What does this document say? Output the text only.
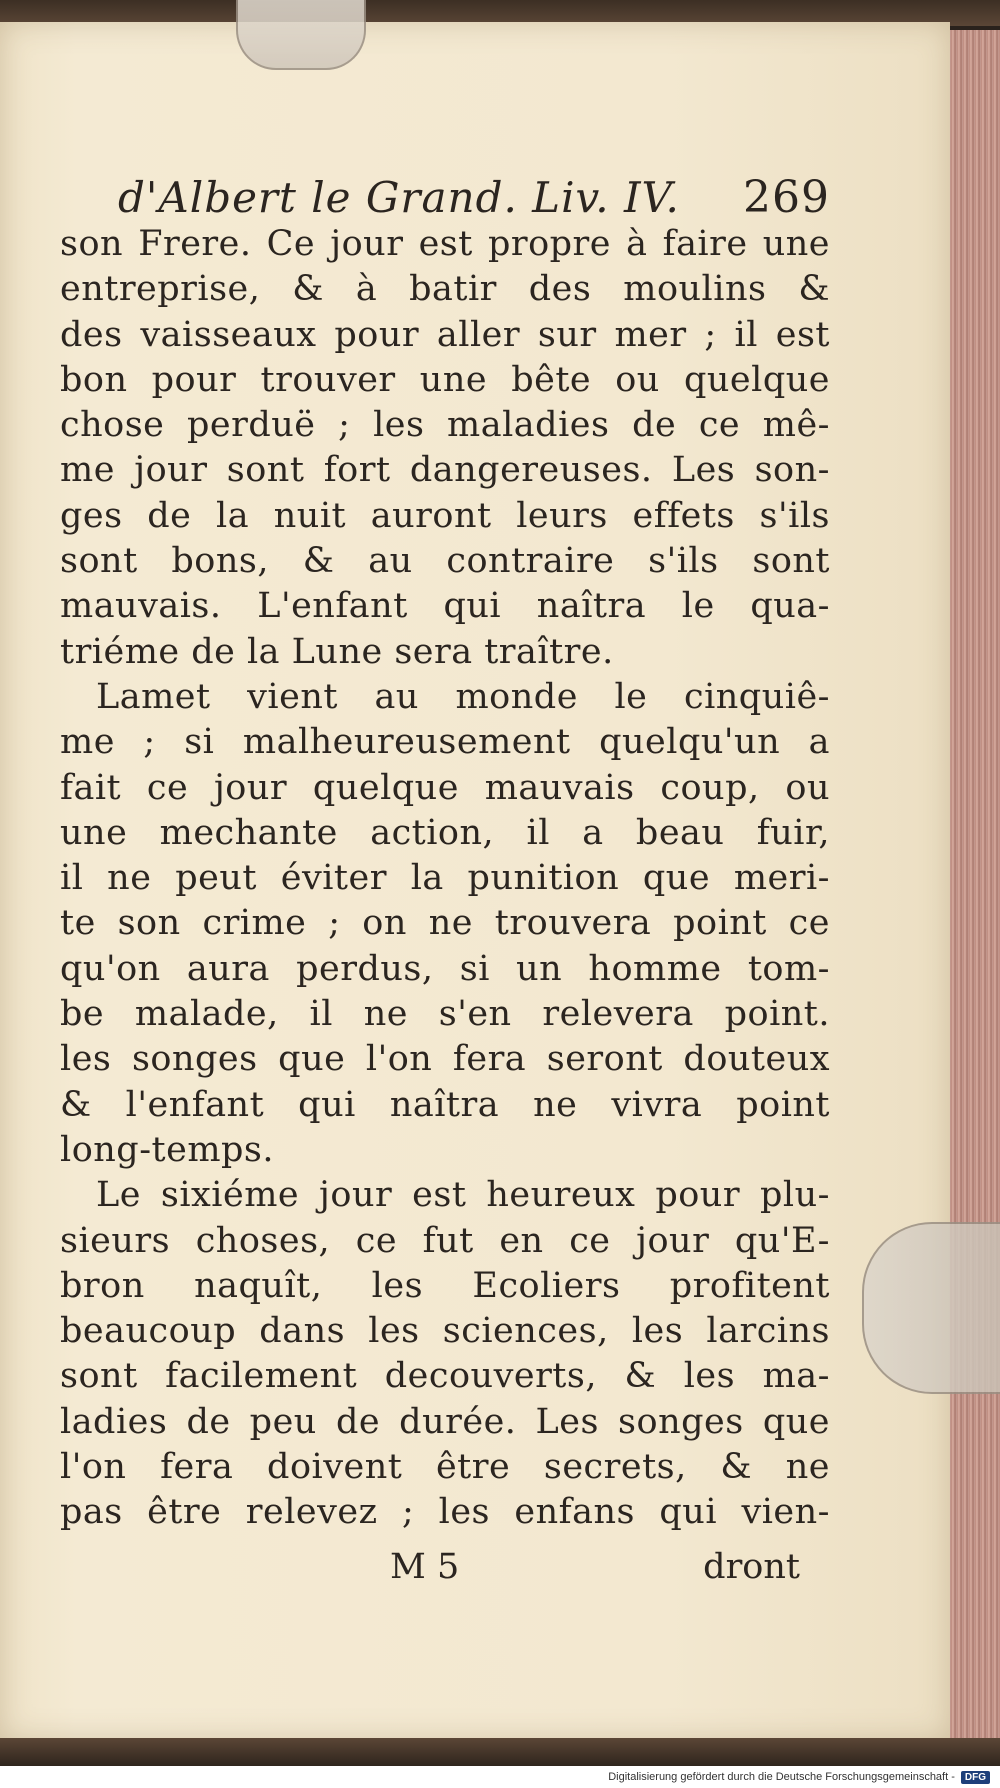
d'Albert le Grand. Liv. IV. 269
son Frere. Ce jour est propre à faire une
entreprise, & à batir des moulins &
des vaisseaux pour aller sur mer ; il est
bon pour trouver une bête ou quelque
chose perduë ; les maladies de ce mê-
me jour sont fort dangereuses. Les son-
ges de la nuit auront leurs effets s'ils
sont bons, & au contraire s'ils sont
mauvais. L'enfant qui naîtra le qua-
triéme de la Lune sera traître.
Lamet vient au monde le cinquiê-
me ; si malheureusement quelqu'un a
fait ce jour quelque mauvais coup, ou
une mechante action, il a beau fuir,
il ne peut éviter la punition que meri-
te son crime ; on ne trouvera point ce
qu'on aura perdus, si un homme tom-
be malade, il ne s'en relevera point.
les songes que l'on fera seront douteux
& l'enfant qui naîtra ne vivra point
long-temps.
Le sixiéme jour est heureux pour plu-
sieurs choses, ce fut en ce jour qu'E-
bron naquît, les Ecoliers profitent
beaucoup dans les sciences, les larcins
sont facilement decouverts, & les ma-
ladies de peu de durée. Les songes que
l'on fera doivent être secrets, & ne
pas être relevez ; les enfans qui vien-
M 5	dront
Digitalisierung gefördert durch die Deutsche Forschungsgemeinschaft -	DFG
